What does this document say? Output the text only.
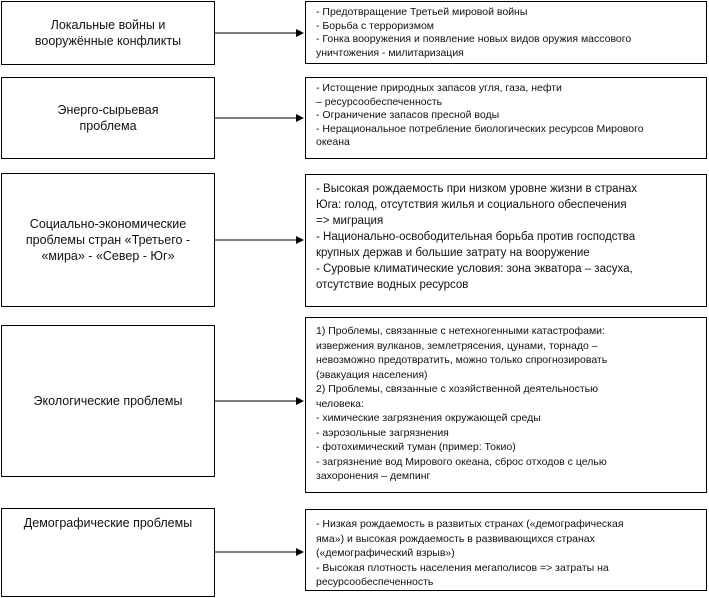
Локальные войны и
вооружённые конфликты
- Предотвращение Третьей мировой войны
- Борьба с терроризмом
- Гонка вооружения и появление новых видов оружия массового
уничтожения - милитаризация
Энерго-сырьевая
проблема
- Истощение природных запасов угля, газа, нефти
– ресурсообеспеченность
- Ограничение запасов пресной воды
- Нерациональное потребление биологических ресурсов Мирового
океана
Социально-экономические
проблемы стран «Третьего -
«мира» - «Север - Юг»
- Высокая рождаемость при низком уровне жизни в странах
Юга: голод, отсутствия жилья и социального обеспечения
=> миграция
- Национально-освободительная борьба против господства
крупных держав и большие затрату на вооружение
- Суровые климатические условия: зона экватора – засуха,
отсутствие водных ресурсов
Экологические проблемы
1) Проблемы, связанные с нетехногенными катастрофами:
извержения вулканов, землетрясения, цунами, торнадо –
невозможно предотвратить, можно только спрогнозировать
(эвакуация населения)
2) Проблемы, связанные с хозяйственной деятельностью
человека:
- химические загрязнения окружающей среды
- аэрозольные загрязнения
- фотохимический туман (пример: Токио)
- загрязнение вод Мирового океана, сброс отходов с целью
захоронения – демпинг
Демографические проблемы	- Низкая рождаемость в развитых странах («демографическая
яма») и высокая рождаемость в развивающихся странах
(«демографический взрыв»)
- Высокая плотность населения мегаполисов => затраты на
ресурсообеспеченность
